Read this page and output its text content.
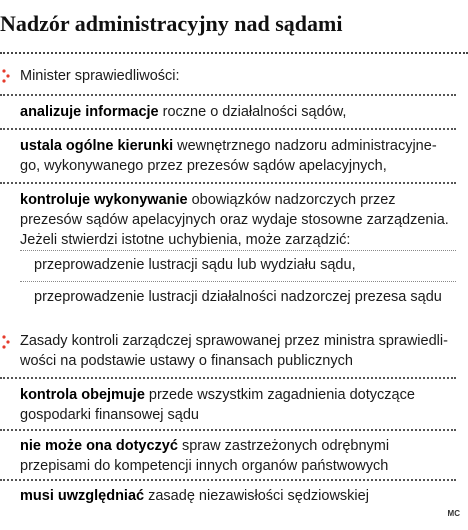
Nadzór administracyjny nad sądami
Minister sprawiedliwości:
analizuje informacje roczne o działalności sądów,
ustala ogólne kierunki wewnętrznego nadzoru administracyjne-
go, wykonywanego przez prezesów sądów apelacyjnych,
kontroluje wykonywanie obowiązków nadzorczych przez
prezesów sądów apelacyjnych oraz wydaje stosowne zarządzenia.
Jeżeli stwierdzi istotne uchybienia, może zarządzić:
przeprowadzenie lustracji sądu lub wydziału sądu,
przeprowadzenie lustracji działalności nadzorczej prezesa sądu
Zasady kontroli zarządczej sprawowanej przez ministra sprawiedli-
wości na podstawie ustawy o finansach publicznych
kontrola obejmuje przede wszystkim zagadnienia dotyczące
gospodarki finansowej sądu
nie może ona dotyczyć spraw zastrzeżonych odrębnymi
przepisami do kompetencji innych organów państwowych
musi uwzględniać zasadę niezawisłości sędziowskiej
MC
